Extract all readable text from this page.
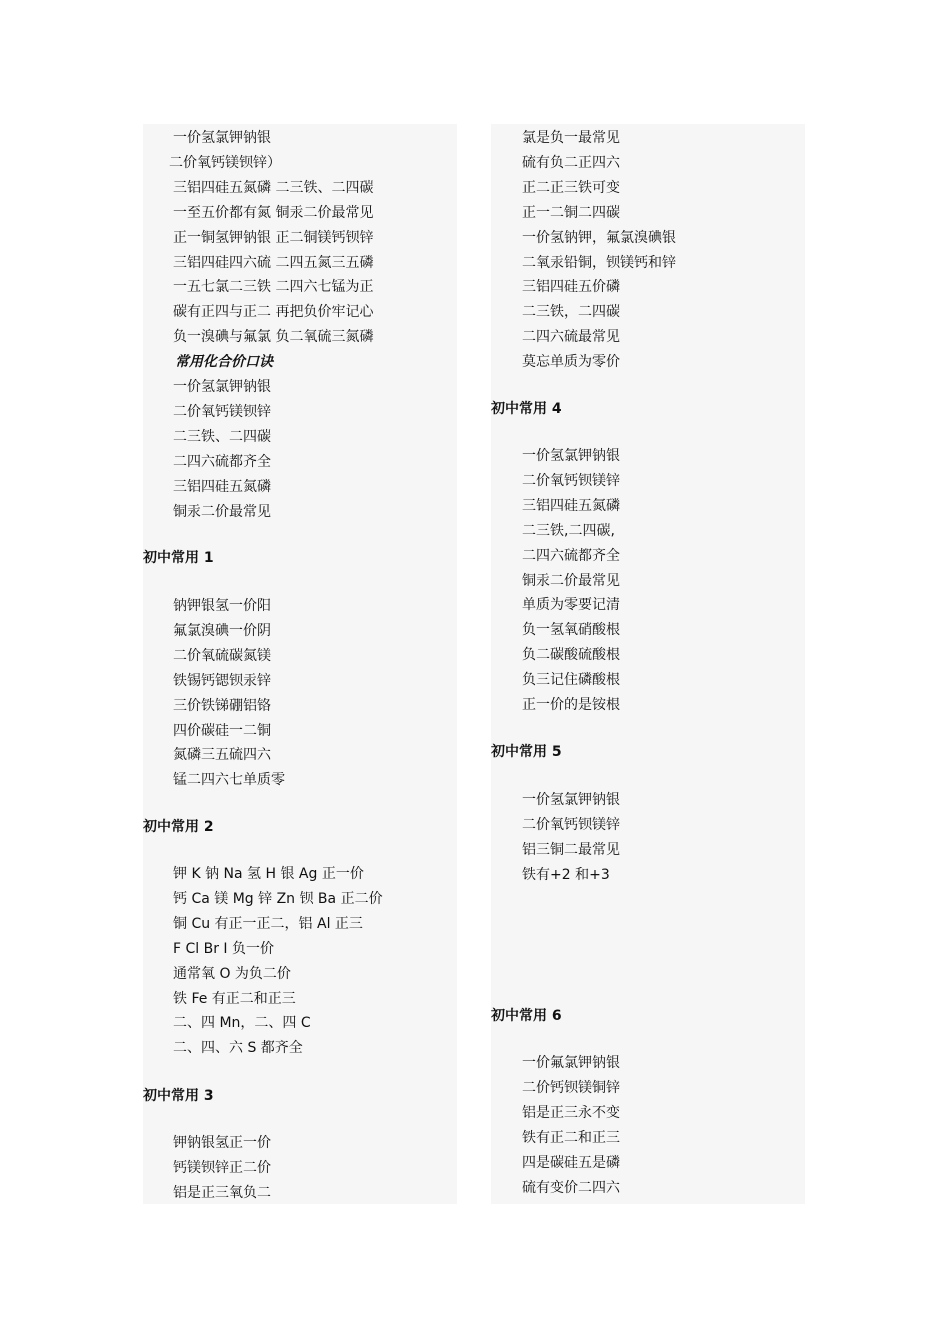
一价氢氯钾钠银
二价氧钙镁钡锌）
三铝四硅五氮磷 二三铁、二四碳
一至五价都有氮 铜汞二价最常见
正一铜氢钾钠银 正二铜镁钙钡锌
三铝四硅四六硫 二四五氮三五磷
一五七氯二三铁 二四六七锰为正
碳有正四与正二 再把负价牢记心
负一溴碘与氟氯 负二氧硫三氮磷
常用化合价口诀
一价氢氯钾钠银
二价氧钙镁钡锌
二三铁、二四碳
二四六硫都齐全
三铝四硅五氮磷
铜汞二价最常见
初中常用 1
钠钾银氢一价阳
氟氯溴碘一价阴
二价氧硫碳氮镁
铁锡钙锶钡汞锌
三价铁锑硼铝铬
四价碳硅一二铜
氮磷三五硫四六
锰二四六七单质零
初中常用 2
钾 K 钠 Na 氢 H 银 Ag 正一价
钙 Ca 镁 Mg 锌 Zn 钡 Ba 正二价
铜 Cu 有正一正二，铝 Al 正三
F Cl Br I 负一价
通常氧 O 为负二价
铁 Fe 有正二和正三
二、四 Mn，二、四 C
二、四、六 S 都齐全
初中常用 3
钾钠银氢正一价
钙镁钡锌正二价
铝是正三氧负二
氯是负一最常见
硫有负二正四六
正二正三铁可变
正一二铜二四碳
一价氢钠钾，氟氯溴碘银
二氧汞铅铜，钡镁钙和锌
三铝四硅五价磷
二三铁，二四碳
二四六硫最常见
莫忘单质为零价
初中常用 4
一价氢氯钾钠银
二价氧钙钡镁锌
三铝四硅五氮磷
二三铁,二四碳,
二四六硫都齐全
铜汞二价最常见
单质为零要记清
负一氢氧硝酸根
负二碳酸硫酸根
负三记住磷酸根
正一价的是铵根
初中常用 5
一价氢氯钾钠银
二价氧钙钡镁锌
铝三铜二最常见
铁有+2 和+3
初中常用 6
一价氟氯钾钠银
二价钙钡镁铜锌
铝是正三永不变
铁有正二和正三
四是碳硅五是磷
硫有变价二四六
